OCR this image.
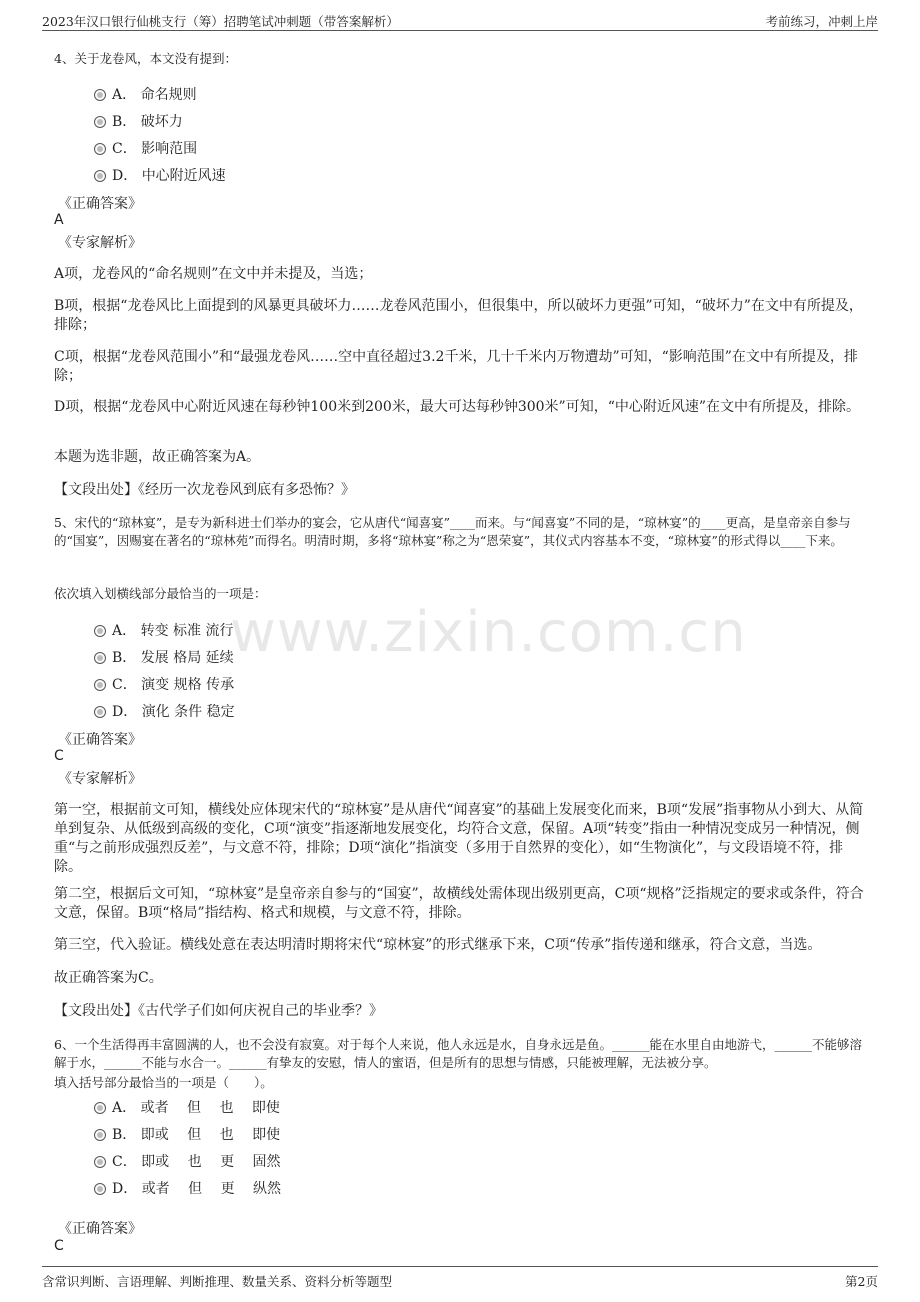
2023年汉口银行仙桃支行（筹）招聘笔试冲刺题（带答案解析）	考前练习，冲刺上岸
www.zixin.com.cn
4、关于龙卷风，本文没有提到：
A． 命名规则
B． 破坏力
C． 影响范围
D． 中心附近风速
《正确答案》
A
《专家解析》
A项，龙卷风的“命名规则”在文中并未提及，当选；
B项，根据“龙卷风比上面提到的风暴更具破坏力……龙卷风范围小，但很集中，所以破坏力更强”可知，“破坏力”在文中有所提及，排除；
C项，根据“龙卷风范围小”和“最强龙卷风……空中直径超过3.2千米，几十千米内万物遭劫”可知，“影响范围”在文中有所提及，排除；
D项，根据“龙卷风中心附近风速在每秒钟100米到200米，最大可达每秒钟300米”可知，“中心附近风速”在文中有所提及，排除。
本题为选非题，故正确答案为A。
【文段出处】《经历一次龙卷风到底有多恐怖？》
5、宋代的“琼林宴”，是专为新科进士们举办的宴会，它从唐代“闻喜宴”____而来。与“闻喜宴”不同的是，“琼林宴”的____更高，是皇帝亲自参与的“国宴”，因赐宴在著名的“琼林苑”而得名。明清时期，多将“琼林宴”称之为“恩荣宴”，其仪式内容基本不变，“琼林宴”的形式得以____下来。
依次填入划横线部分最恰当的一项是：
A． 转变 标准 流行
B． 发展 格局 延续
C． 演变 规格 传承
D． 演化 条件 稳定
《正确答案》
C
《专家解析》
第一空，根据前文可知，横线处应体现宋代的“琼林宴”是从唐代“闻喜宴”的基础上发展变化而来，B项“发展”指事物从小到大、从简单到复杂、从低级到高级的变化，C项“演变”指逐渐地发展变化，均符合文意，保留。A项“转变”指由一种情况变成另一种情况，侧重“与之前形成强烈反差”，与文意不符，排除；D项“演化”指演变（多用于自然界的变化），如“生物演化”，与文段语境不符，排除。
第二空，根据后文可知，“琼林宴”是皇帝亲自参与的“国宴”，故横线处需体现出级别更高，C项“规格”泛指规定的要求或条件，符合文意，保留。B项“格局”指结构、格式和规模，与文意不符，排除。
第三空，代入验证。横线处意在表达明清时期将宋代“琼林宴”的形式继承下来，C项“传承”指传递和继承，符合文意，当选。
故正确答案为C。
【文段出处】《古代学子们如何庆祝自己的毕业季？》
6、一个生活得再丰富圆满的人，也不会没有寂寞。对于每个人来说，他人永远是水，自身永远是鱼。______能在水里自由地游弋，______不能够溶解于水，______不能与水合一。______有挚友的安慰，情人的蜜语，但是所有的思想与情感，只能被理解，无法被分享。
填入括号部分最恰当的一项是（　　）。
A． 或者　 但　 也　 即使
B． 即或　 但　 也　 即使
C． 即或　 也　 更　 固然
D． 或者　 但　 更　 纵然
《正确答案》
C
含常识判断、言语理解、判断推理、数量关系、资料分析等题型	第2页
